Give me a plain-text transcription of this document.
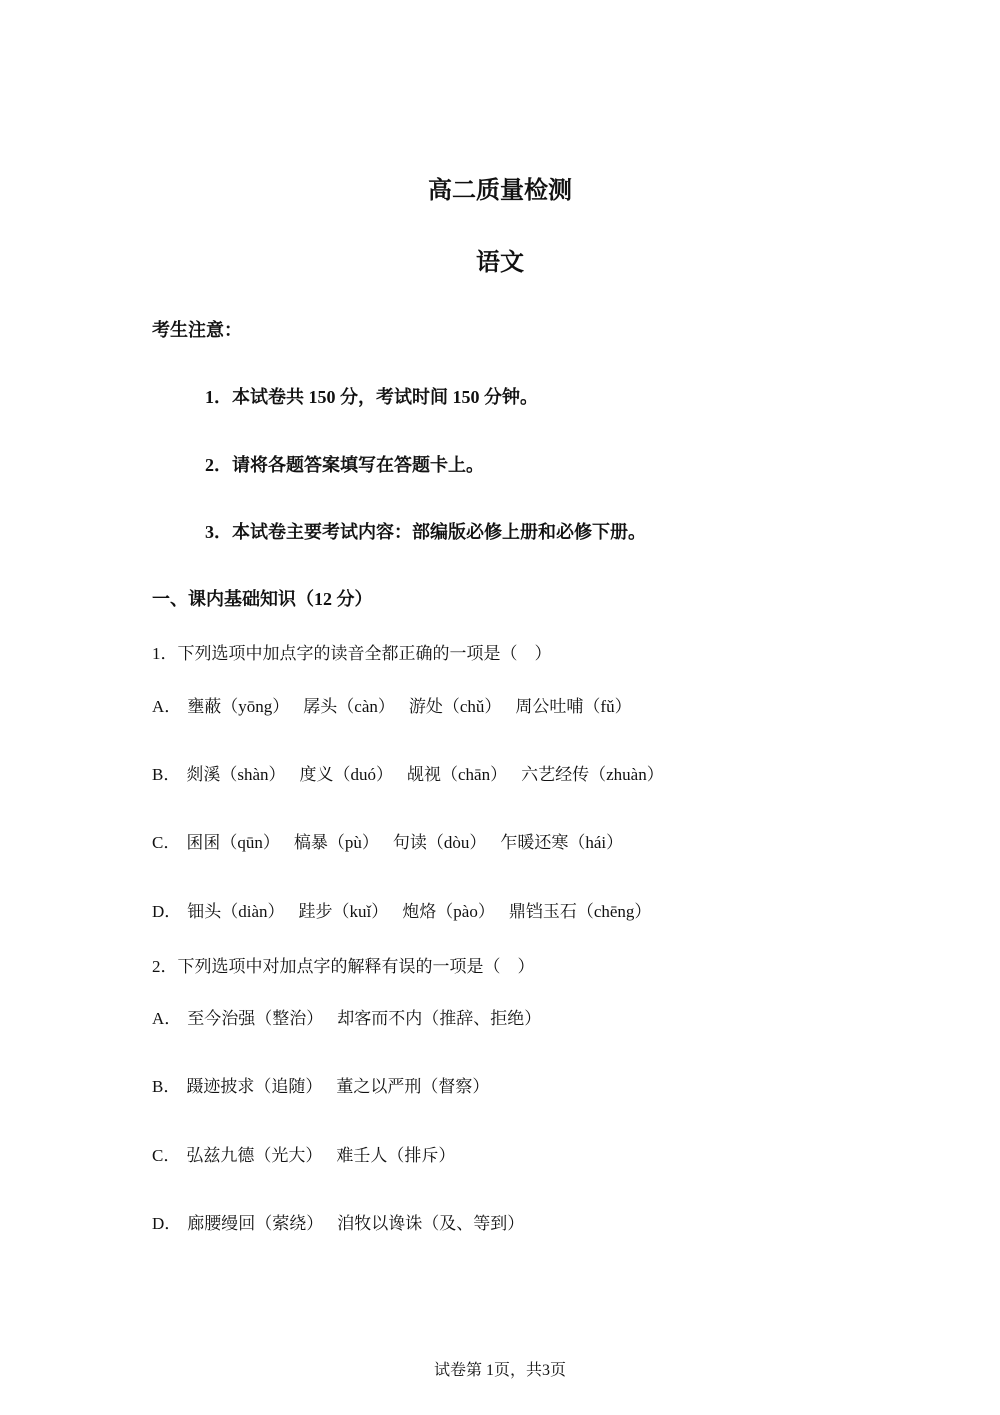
高二质量检测
语文
考生注意：
1．本试卷共 150 分，考试时间 150 分钟。
2．请将各题答案填写在答题卡上。
3．本试卷主要考试内容：部编版必修上册和必修下册。
一、课内基础知识（12 分）
1．下列选项中加点字的读音全都正确的一项是（　）
A． 壅蔽（yōng） 孱头（càn） 游处（chǔ） 周公吐哺（fǔ）
B． 剡溪（shàn） 度义（duó） 觇视（chān） 六艺经传（zhuàn）
C． 囷囷（qūn） 槁暴（pù） 句读（dòu） 乍暖还寒（hái）
D． 钿头（diàn） 跬步（kuǐ） 炮烙（pào） 鼎铛玉石（chēng）
2．下列选项中对加点字的解释有误的一项是（　）
A． 至今治强（整治） 却客而不内（推辞、拒绝）
B． 蹑迹披求（追随） 董之以严刑（督察）
C． 弘兹九德（光大） 难壬人（排斥）
D． 廊腰缦回（萦绕） 洎牧以谗诛（及、等到）
试卷第 1页，共3页
